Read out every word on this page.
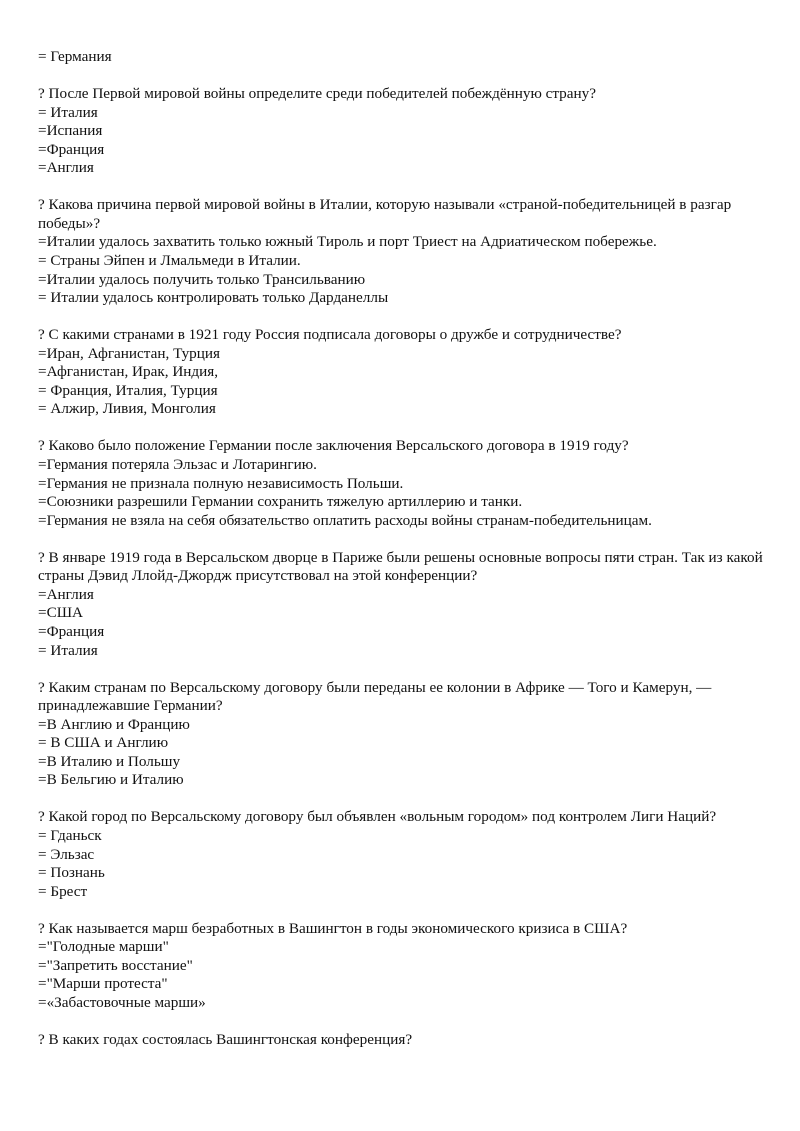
= Германия

? После Первой мировой войны определите среди победителей побеждённую страну?

= Италия
=Испания
=Франция
=Англия

? Какова причина первой мировой войны в Италии, которую называли «страной-победительницей в разгар победы»?

=Италии удалось захватить только южный Тироль и порт Триест на Адриатическом побережье.
= Страны Эйпен и Лмальмеди в Италии.
=Италии удалось получить только Трансильванию
= Италии удалось контролировать только Дарданеллы

? С какими странами в 1921 году Россия подписала договоры о дружбе и сотрудничестве?

=Иран, Афганистан, Турция
=Афганистан, Ирак, Индия,
= Франция, Италия, Турция
= Алжир, Ливия, Монголия

? Каково было положение Германии после заключения Версальского договора в 1919 году?

=Германия потеряла Эльзас и Лотарингию.
=Германия не признала полную независимость Польши.
=Союзники разрешили Германии сохранить тяжелую артиллерию и танки.
=Германия не взяла на себя обязательство оплатить расходы войны странам-победительницам.

? В январе 1919 года в Версальском дворце в Париже были решены основные вопросы пяти стран. Так из какой страны Дэвид Ллойд-Джордж присутствовал на этой конференции?

=Англия
=США
=Франция
= Италия

? Каким странам по Версальскому договору были переданы ее колонии в Африке — Того и Камерун, — принадлежавшие Германии?

=В Англию и Францию
= В США и Англию
=В Италию и Польшу
=В Бельгию и Италию

? Какой город по Версальскому договору был объявлен «вольным городом» под контролем Лиги Наций?

= Гданьск
= Эльзас
= Познань
= Брест

? Как называется марш безработных в Вашингтон в годы экономического кризиса в США?

="Голодные марши"
="Запретить восстание"
="Марши протеста"
=«Забастовочные марши»

? В каких годах состоялась Вашингтонская конференция?
